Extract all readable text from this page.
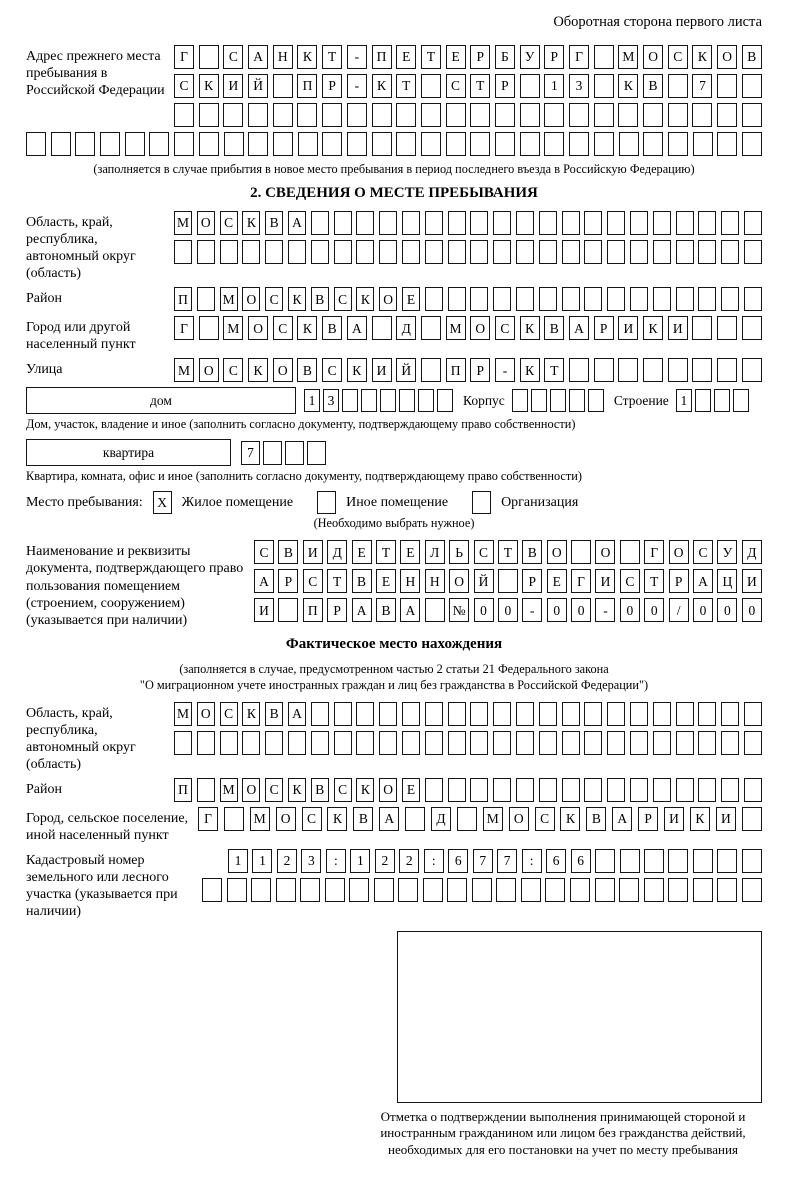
Оборотная сторона первого листа
Адрес прежнего места пребывания в Российской Федерации
Г	С	А	Н	К	Т	-	П	Е	Т	Е	Р	Б	У	Р	Г	М	О	С	К	О	В
С	К	И	Й	П	Р	-	К	Т	С	Т	Р	1	3	К	В	7
(заполняется в случае прибытия в новое место пребывания в период последнего въезда в Российскую Федерацию)
2. СВЕДЕНИЯ О МЕСТЕ ПРЕБЫВАНИЯ
Область, край, республика, автономный округ (область)
М О С	К	В А
Район	П	М О С	К	В	С	К О	Е
Город или другой населенный пункт
Г	М	О	С	К	В	А	Д	М	О	С	К	В	А	Р	И	К	И
Улица	М	О	С	К	О	В	С	К	И	Й	П	Р	-	К	Т
дом	1 3	Корпус	Строение 1
Дом, участок, владение и иное (заполнить согласно документу, подтверждающему право собственности)
квартира	7
Квартира, комната, офис и иное (заполнить согласно документу, подтверждающему право собственности)
Место пребывания:	X	Жилое помещение	Иное помещение	Организация
(Необходимо выбрать нужное)
Наименование и реквизиты документа, подтверждающего право пользования помещением (строением, сооружением) (указывается при наличии)
С	В	И	Д	Е	Т	Е	Л	Ь	С	Т	В	О	О	Г	О	С	У	Д
А	Р	С	Т	В	Е	Н	Н	О	Й	Р	Е	Г	И	С	Т	Р	А	Ц	И
И	П	Р	А	В	А	№	0	0	-	0	0	-	0	0	/	0	0	0
Фактическое место нахождения
(заполняется в случае, предусмотренном частью 2 статьи 21 Федерального закона
"О миграционном учете иностранных граждан и лиц без гражданства в Российской Федерации")
Область, край, республика, автономный округ (область)
М О С	К	В А
Район	П	М О С	К	В	С	К О	Е
Город, сельское поселение, иной населенный пункт
Г	М	О	С	К	В	А	Д	М	О	С	К	В	А	Р	И	К	И
Кадастровый номер земельного или лесного участка (указывается при наличии)
1	1	2	3	:	1	2	2	:	6	7	7	:	6	6
Отметка о подтверждении выполнения принимающей стороной и иностранным гражданином или лицом без гражданства действий, необходимых для его постановки на учет по месту пребывания
